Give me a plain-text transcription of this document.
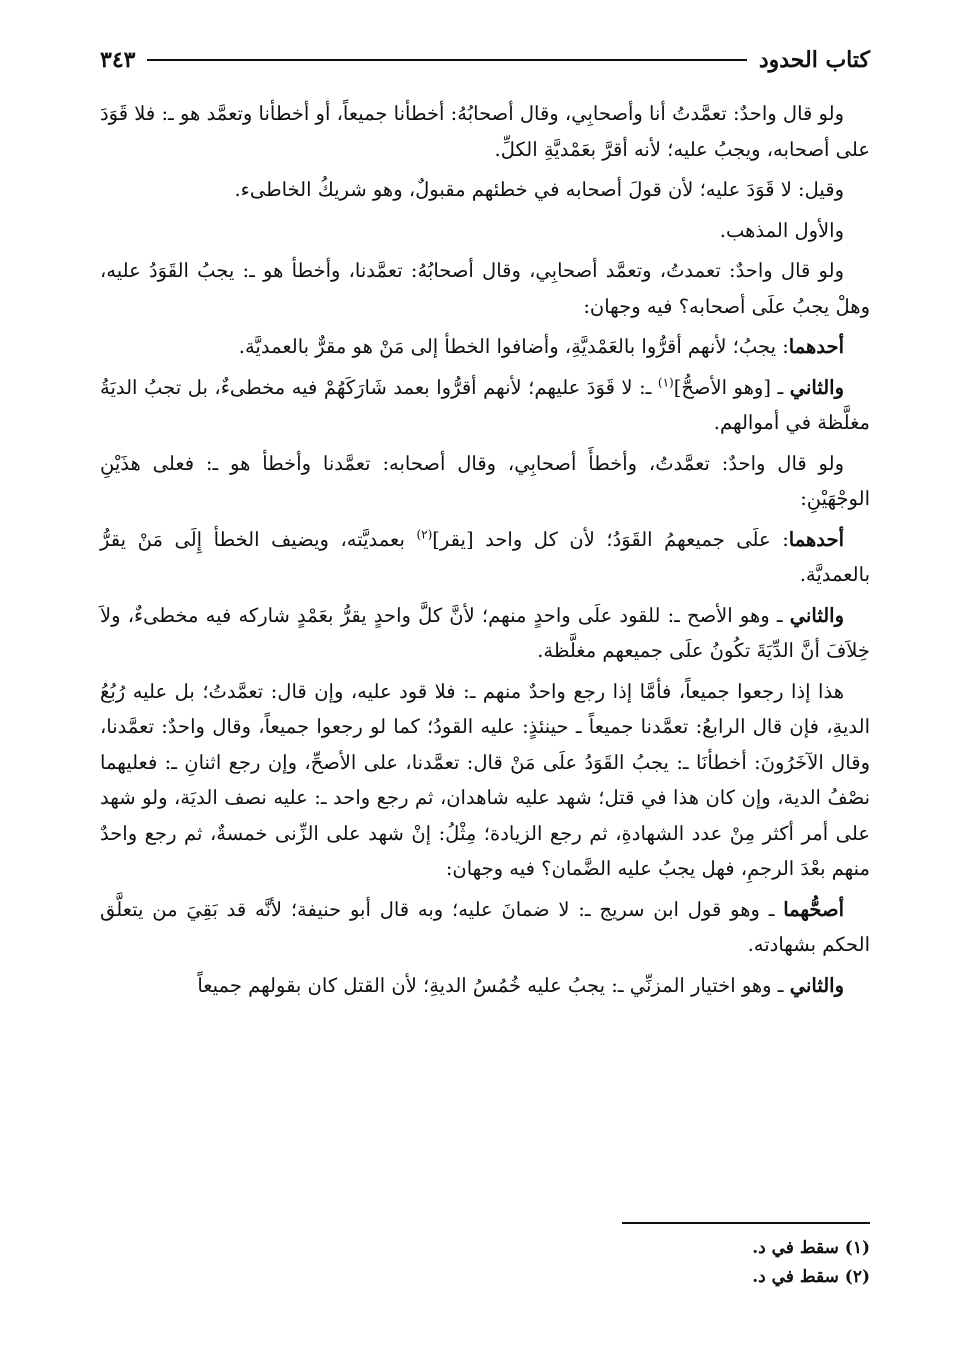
كتاب الحدود
٣٤٣

ولو قال واحدٌ: تعمَّدتُ أنا وأصحابِي، وقال أصحابُهُ: أخطأنا جميعاً، أو أخطأنا وتعمَّد هو ـ: فلا قَوَدَ على أصحابه، ويجبُ عليه؛ لأنه أقرَّ بعَمْديَّةِ الكلِّ.

وقيل: لا قَوَدَ عليه؛ لأن قولَ أصحابه في خطئهم مقبولٌ، وهو شريكُ الخاطىء.

والأول المذهب.

ولو قال واحدٌ: تعمدتُ، وتعمَّد أصحابِي، وقال أصحابُهُ: تعمَّدنا، وأخطأ هو ـ: يجبُ القَوَدُ عليه، وهلْ يجبُ علَى أصحابه؟ فيه وجهان:

أحدهما: يجبُ؛ لأنهم أقرُّوا بالعَمْديَّةِ، وأضافوا الخطأ إلى مَنْ هو مقرٌّ بالعمديَّة.

والثاني ـ [وهو الأصحُّ]$^{(١)}$ ـ: لا قَوَدَ عليهم؛ لأنهم أقرُّوا بعمد شَارَكَهُمْ فيه مخطىءٌ، بل تجبُ الديَةُ مغلَّظة في أموالهم.

ولو قال واحدٌ: تعمَّدتُ، وأخطأَ أصحابِي، وقال أصحابه: تعمَّدنا وأخطأ هو ـ: فعلى هذَيْنِ الوجْهَيْنِ:

أحدهما: علَى جميعهمُ القَوَدُ؛ لأن كل واحد [يقر]$^{(٢)}$ بعمديَّته، ويضيف الخطأ إِلَى مَنْ يقرُّ بالعمديَّة.

والثاني ـ وهو الأصح ـ: للقود علَى واحدٍ منهم؛ لأنَّ كلَّ واحدٍ يقرُّ بعَمْدٍ شاركه فيه مخطىءٌ، ولاَ خِلاَفَ أنَّ الدِّيَةَ تكُونُ علَى جميعهم مغلَّظة.

هذا إذا رجعوا جميعاً، فأمَّا إذا رجع واحدٌ منهم ـ: فلا قود عليه، وإن قال: تعمَّدتُ؛ بل عليه رُبُعُ الديةِ، فإن قال الرابعُ: تعمَّدنا جميعاً ـ حينئذٍ: عليه القودُ؛ كما لو رجعوا جميعاً، وقال واحدٌ: تعمَّدنا، وقال الآخَرُونَ: أخطأنَا ـ: يجبُ القَوَدُ علَى مَنْ قال: تعمَّدنا، على الأصحِّ، وإن رجع اثنانِ ـ: فعليهما نصْفُ الدية، وإن كان هذا في قتل؛ شهد عليه شاهدان، ثم رجع واحد ـ: عليه نصف الديَة، ولو شهد على أمر أكثر مِنْ عدد الشهادةِ، ثم رجع الزيادة؛ مِثْلُ: إنْ شهد على الزِّنى خمسةٌ، ثم رجع واحدٌ منهم بعْدَ الرجمِ، فهل يجبُ عليه الضَّمان؟ فيه وجهان:

أصحُّهما ـ وهو قول ابن سريج ـ: لا ضمانَ عليه؛ وبه قال أبو حنيفة؛ لأنَّه قد بَقِيَ من يتعلَّق الحكم بشهادته.

والثاني ـ وهو اختيار المزنِّي ـ: يجبُ عليه خُمُسُ الديةِ؛ لأن القتل كان بقولهم جميعاً

(١) سقط في د.

(٢) سقط في د.
